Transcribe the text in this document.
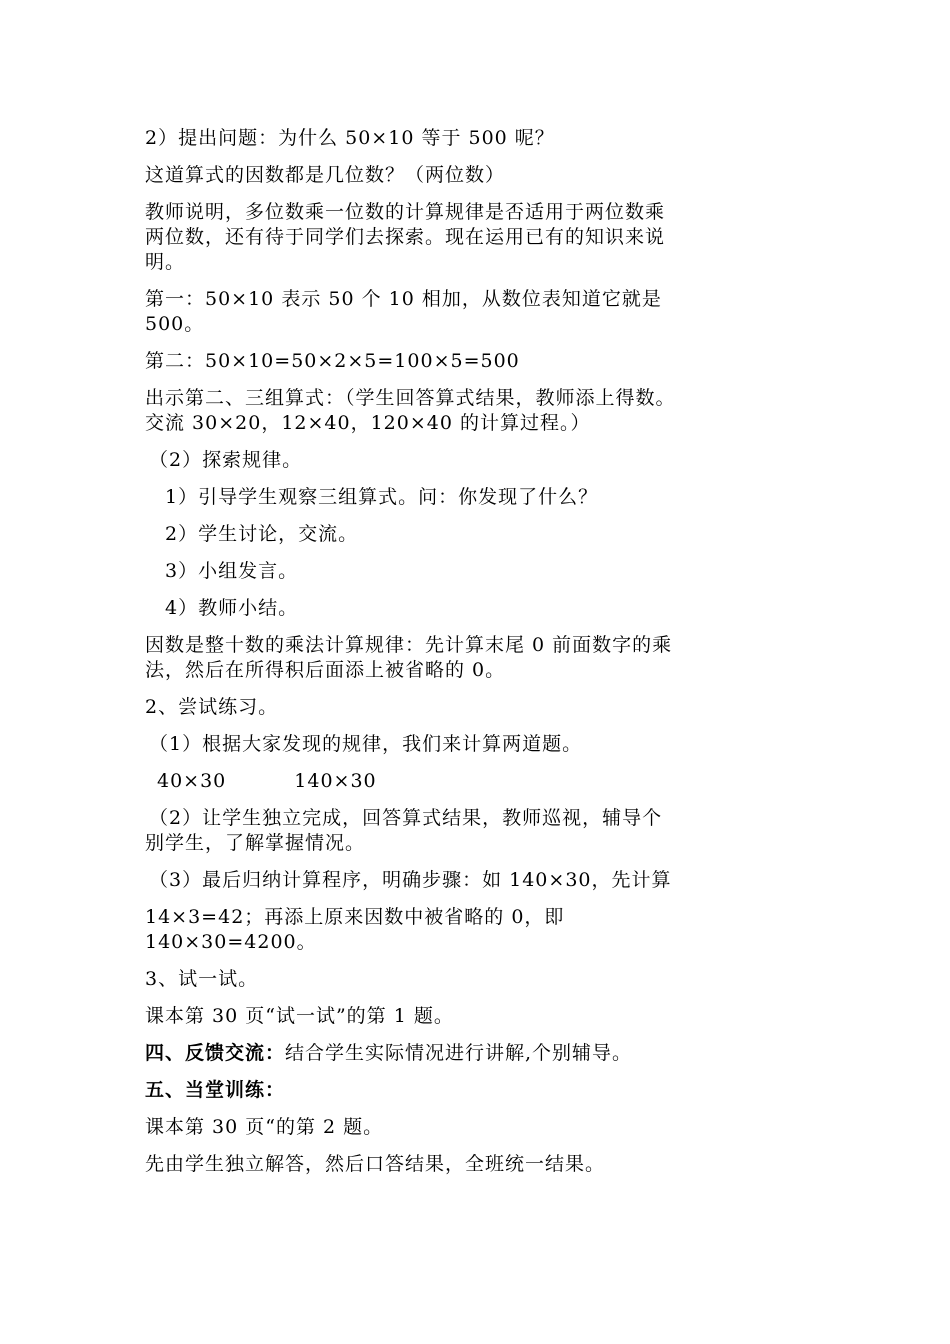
2）提出问题：为什么 50×10 等于 500 呢？

这道算式的因数都是几位数？（两位数）

教师说明，多位数乘一位数的计算规律是否适用于两位数乘

两位数，还有待于同学们去探索。现在运用已有的知识来说

明。

第一：50×10 表示 50 个 10 相加，从数位表知道它就是

500。

第二：50×10=50×2×5=100×5=500

出示第二、三组算式：（学生回答算式结果，教师添上得数。

交流 30×20，12×40，120×40 的计算过程。）

（2）探索规律。

1）引导学生观察三组算式。问：你发现了什么？

2）学生讨论，交流。

3）小组发言。

4）教师小结。

因数是整十数的乘法计算规律：先计算末尾 0 前面数字的乘

法，然后在所得积后面添上被省略的 0。

2、尝试练习。

（1）根据大家发现的规律，我们来计算两道题。

40×30	140×30

（2）让学生独立完成，回答算式结果，教师巡视，辅导个

别学生，了解掌握情况。

（3）最后归纳计算程序，明确步骤：如 140×30，先计算

14×3=42；再添上原来因数中被省略的 0，即

140×30=4200。

3、试一试。

课本第 30 页“试一试”的第 1 题。

四、反馈交流：结合学生实际情况进行讲解,个别辅导。

五、当堂训练：

课本第 30 页“的第 2 题。

先由学生独立解答，然后口答结果，全班统一结果。
